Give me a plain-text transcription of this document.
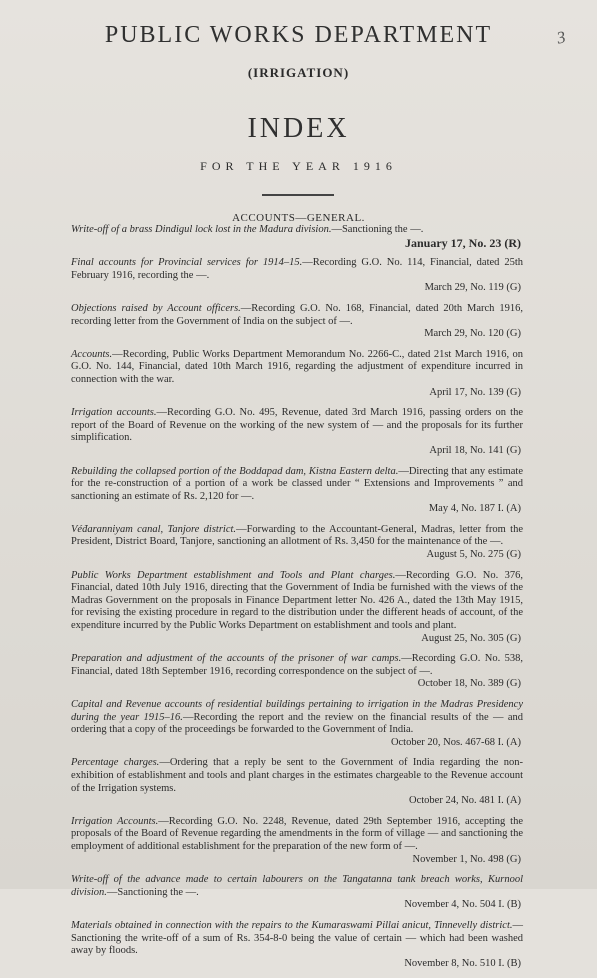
PUBLIC WORKS DEPARTMENT	3
(IRRIGATION)
INDEX
FOR THE YEAR 1916
ACCOUNTS—GENERAL.
Write-off of a brass Dindigul lock lost in the Madura division.—Sanctioning the —.
January 17, No. 23 (R)
Final accounts for Provincial services for 1914–15.—Recording G.O. No. 114, Financial, dated 25th February 1916, recording the —.
March 29, No. 119 (G)
Objections raised by Account officers.—Recording G.O. No. 168, Financial, dated 20th March 1916, recording letter from the Government of India on the subject of —.
March 29, No. 120 (G)
Accounts.—Recording, Public Works Department Memorandum No. 2266-C., dated 21st March 1916, on G.O. No. 144, Financial, dated 10th March 1916, regarding the adjustment of expenditure incurred in connection with the war.
April 17, No. 139 (G)
Irrigation accounts.—Recording G.O. No. 495, Revenue, dated 3rd March 1916, passing orders on the report of the Board of Revenue on the working of the new system of — and the proposals for its further simplification.
April 18, No. 141 (G)
Rebuilding the collapsed portion of the Boddapad dam, Kistna Eastern delta.—Directing that any estimate for the re-construction of a portion of a work be classed under “ Extensions and Improvements ” and sanctioning an estimate of Rs. 2,120 for —.
May 4, No. 187 I. (A)
Véđaranniyam canal, Tanjore district.—Forwarding to the Accountant-General, Madras, letter from the President, District Board, Tanjore, sanctioning an allotment of Rs. 3,450 for the maintenance of the —.
August 5, No. 275 (G)
Public Works Department establishment and Tools and Plant charges.—Recording G.O. No. 376, Financial, dated 10th July 1916, directing that the Government of India be furnished with the views of the Madras Government on the proposals in Finance Department letter No. 426 A., dated the 13th May 1915, for revising the existing procedure in regard to the distribution under the different heads of account, of the expenditure incurred by the Public Works Department on establishment and tools and plant.
August 25, No. 305 (G)
Preparation and adjustment of the accounts of the prisoner of war camps.—Recording G.O. No. 538, Financial, dated 18th September 1916, recording correspondence on the subject of —.
October 18, No. 389 (G)
Capital and Revenue accounts of residential buildings pertaining to irrigation in the Madras Presidency during the year 1915–16.—Recording the report and the review on the financial results of the — and ordering that a copy of the proceedings be forwarded to the Government of India.
October 20, Nos. 467-68 I. (A)
Percentage charges.—Ordering that a reply be sent to the Government of India regarding the non-exhibition of establishment and tools and plant charges in the estimates chargeable to the Revenue account of the Irrigation systems.
October 24, No. 481 I. (A)
Irrigation Accounts.—Recording G.O. No. 2248, Revenue, dated 29th September 1916, accepting the proposals of the Board of Revenue regarding the amendments in the form of village — and sanctioning the employment of additional establishment for the preparation of the new form of —.
November 1, No. 498 (G)
Write-off of the advance made to certain labourers on the Tangatanna tank breach works, Kurnool division.—Sanctioning the —.
November 4, No. 504 I. (B)
Materials obtained in connection with the repairs to the Kumaraswami Pillai anicut, Tinnevelly district.—Sanctioning the write-off of a sum of Rs. 354-8-0 being the value of certain — which had been washed away by floods.
November 8, No. 510 I. (B)
